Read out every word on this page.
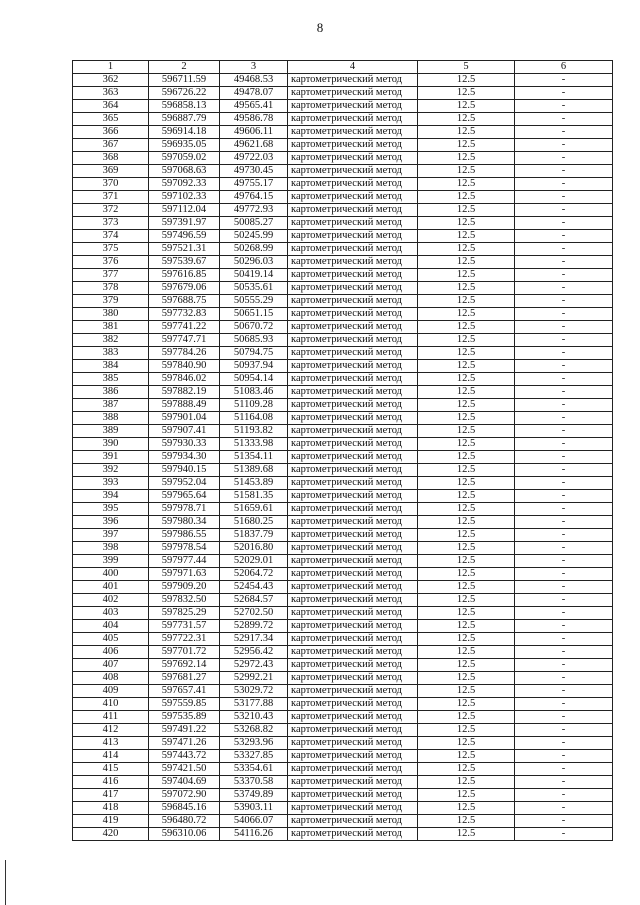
8
1	2	3	4	5	6
362	596711.59	49468.53	картометрический метод	12.5	-
363	596726.22	49478.07	картометрический метод	12.5	-
364	596858.13	49565.41	картометрический метод	12.5	-
365	596887.79	49586.78	картометрический метод	12.5	-
366	596914.18	49606.11	картометрический метод	12.5	-
367	596935.05	49621.68	картометрический метод	12.5	-
368	597059.02	49722.03	картометрический метод	12.5	-
369	597068.63	49730.45	картометрический метод	12.5	-
370	597092.33	49755.17	картометрический метод	12.5	-
371	597102.33	49764.15	картометрический метод	12.5	-
372	597112.04	49772.93	картометрический метод	12.5	-
373	597391.97	50085.27	картометрический метод	12.5	-
374	597496.59	50245.99	картометрический метод	12.5	-
375	597521.31	50268.99	картометрический метод	12.5	-
376	597539.67	50296.03	картометрический метод	12.5	-
377	597616.85	50419.14	картометрический метод	12.5	-
378	597679.06	50535.61	картометрический метод	12.5	-
379	597688.75	50555.29	картометрический метод	12.5	-
380	597732.83	50651.15	картометрический метод	12.5	-
381	597741.22	50670.72	картометрический метод	12.5	-
382	597747.71	50685.93	картометрический метод	12.5	-
383	597784.26	50794.75	картометрический метод	12.5	-
384	597840.90	50937.94	картометрический метод	12.5	-
385	597846.02	50954.14	картометрический метод	12.5	-
386	597882.19	51083.46	картометрический метод	12.5	-
387	597888.49	51109.28	картометрический метод	12.5	-
388	597901.04	51164.08	картометрический метод	12.5	-
389	597907.41	51193.82	картометрический метод	12.5	-
390	597930.33	51333.98	картометрический метод	12.5	-
391	597934.30	51354.11	картометрический метод	12.5	-
392	597940.15	51389.68	картометрический метод	12.5	-
393	597952.04	51453.89	картометрический метод	12.5	-
394	597965.64	51581.35	картометрический метод	12.5	-
395	597978.71	51659.61	картометрический метод	12.5	-
396	597980.34	51680.25	картометрический метод	12.5	-
397	597986.55	51837.79	картометрический метод	12.5	-
398	597978.54	52016.80	картометрический метод	12.5	-
399	597977.44	52029.01	картометрический метод	12.5	-
400	597971.63	52064.72	картометрический метод	12.5	-
401	597909.20	52454.43	картометрический метод	12.5	-
402	597832.50	52684.57	картометрический метод	12.5	-
403	597825.29	52702.50	картометрический метод	12.5	-
404	597731.57	52899.72	картометрический метод	12.5	-
405	597722.31	52917.34	картометрический метод	12.5	-
406	597701.72	52956.42	картометрический метод	12.5	-
407	597692.14	52972.43	картометрический метод	12.5	-
408	597681.27	52992.21	картометрический метод	12.5	-
409	597657.41	53029.72	картометрический метод	12.5	-
410	597559.85	53177.88	картометрический метод	12.5	-
411	597535.89	53210.43	картометрический метод	12.5	-
412	597491.22	53268.82	картометрический метод	12.5	-
413	597471.26	53293.96	картометрический метод	12.5	-
414	597443.72	53327.85	картометрический метод	12.5	-
415	597421.50	53354.61	картометрический метод	12.5	-
416	597404.69	53370.58	картометрический метод	12.5	-
417	597072.90	53749.89	картометрический метод	12.5	-
418	596845.16	53903.11	картометрический метод	12.5	-
419	596480.72	54066.07	картометрический метод	12.5	-
420	596310.06	54116.26	картометрический метод	12.5	-
